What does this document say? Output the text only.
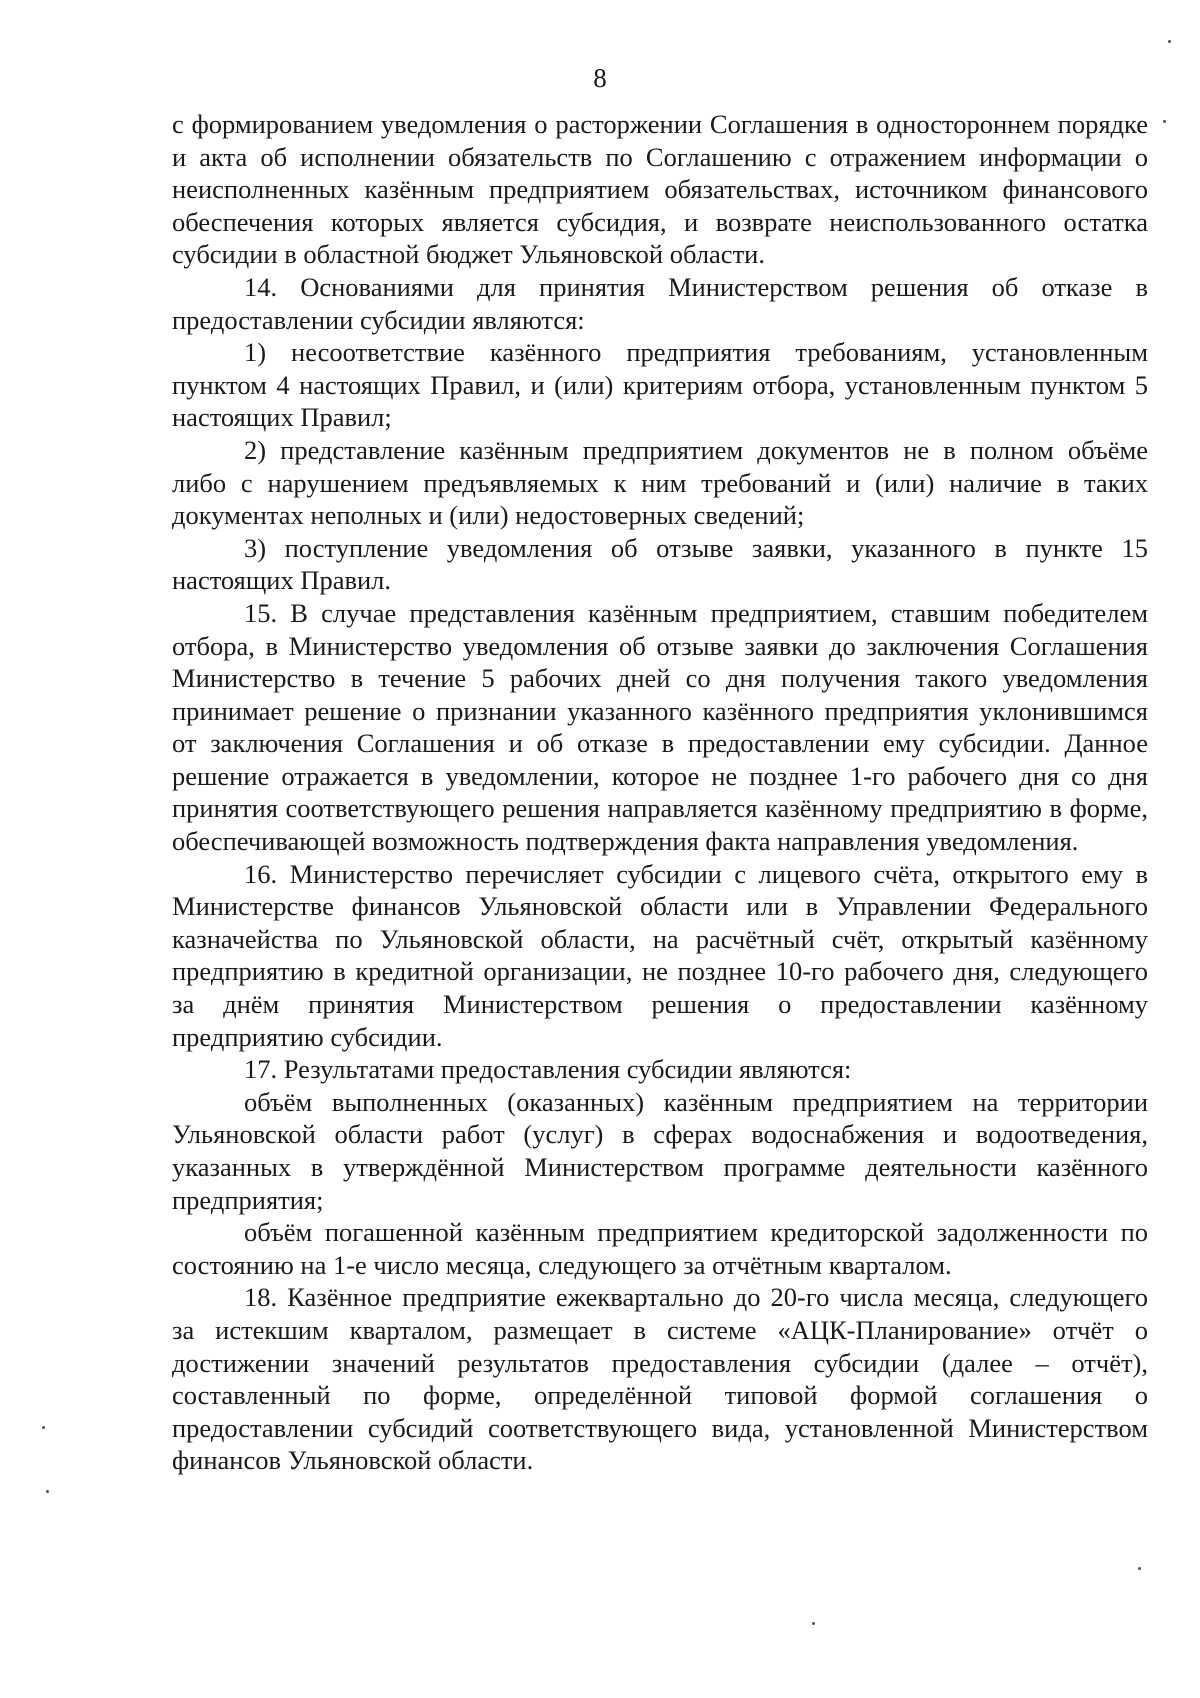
8

с формированием уведомления о расторжении Соглашения в одностороннем порядке и акта об исполнении обязательств по Соглашению с отражением информации о неисполненных казённым предприятием обязательствах, источником финансового обеспечения которых является субсидия, и возврате неиспользованного остатка субсидии в областной бюджет Ульяновской области.

14. Основаниями для принятия Министерством решения об отказе в предоставлении субсидии являются:

1) несоответствие казённого предприятия требованиям, установленным пунктом 4 настоящих Правил, и (или) критериям отбора, установленным пунктом 5 настоящих Правил;

2) представление казённым предприятием документов не в полном объёме либо с нарушением предъявляемых к ним требований и (или) наличие в таких документах неполных и (или) недостоверных сведений;

3) поступление уведомления об отзыве заявки, указанного в пункте 15 настоящих Правил.

15. В случае представления казённым предприятием, ставшим победителем отбора, в Министерство уведомления об отзыве заявки до заключения Соглашения Министерство в течение 5 рабочих дней со дня получения такого уведомления принимает решение о признании указанного казённого предприятия уклонившимся от заключения Соглашения и об отказе в предоставлении ему субсидии. Данное решение отражается в уведомлении, которое не позднее 1-го рабочего дня со дня принятия соответствующего решения направляется казённому предприятию в форме, обеспечивающей возможность подтверждения факта направления уведомления.

16. Министерство перечисляет субсидии с лицевого счёта, открытого ему в Министерстве финансов Ульяновской области или в Управлении Федерального казначейства по Ульяновской области, на расчётный счёт, открытый казённому предприятию в кредитной организации, не позднее 10-го рабочего дня, следующего за днём принятия Министерством решения о предоставлении казённому предприятию субсидии.

17. Результатами предоставления субсидии являются:

объём выполненных (оказанных) казённым предприятием на территории Ульяновской области работ (услуг) в сферах водоснабжения и водоотведения, указанных в утверждённой Министерством программе деятельности казённого предприятия;

объём погашенной казённым предприятием кредиторской задолженности по состоянию на 1-е число месяца, следующего за отчётным кварталом.

18. Казённое предприятие ежеквартально до 20-го числа месяца, следующего за истекшим кварталом, размещает в системе «АЦК-Планирование» отчёт о достижении значений результатов предоставления субсидии (далее – отчёт), составленный по форме, определённой типовой формой соглашения о предоставлении субсидий соответствующего вида, установленной Министерством финансов Ульяновской области.
